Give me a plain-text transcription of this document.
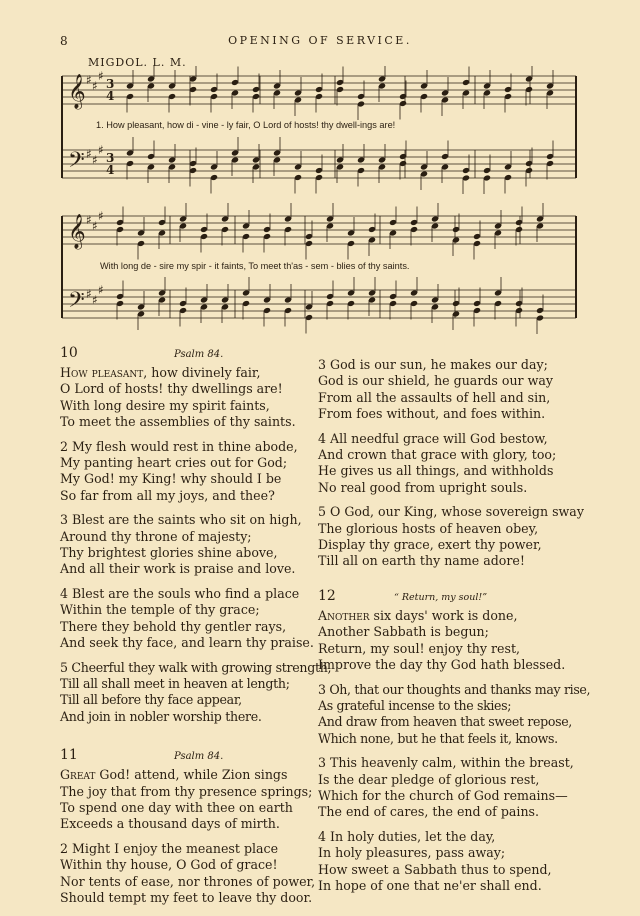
8	OPENING OF SERVICE.
MIGDOL. L. M.
𝄞
𝄢
𝄞
𝄢
♯ ♯
♯
♯ ♯
♯
♯ ♯
♯
♯ ♯
♯
3
4
3
4
1. How pleasant, how di - vine - ly fair, O Lord of hosts! thy dwell-ings are!
With long de - sire my spir - it faints, To meet th'as - sem - blies of thy saints.
10	Psalm 84.
How pleasant, how divinely fair,
O Lord of hosts! thy dwellings are!
With long desire my spirit faints,
To meet the assemblies of thy saints.
2 My flesh would rest in thine abode,
My panting heart cries out for God;
My God! my King! why should I be
So far from all my joys, and thee?
3 Blest are the saints who sit on high,
Around thy throne of majesty;
Thy brightest glories shine above,
And all their work is praise and love.
4 Blest are the souls who find a place
Within the temple of thy grace;
There they behold thy gentler rays,
And seek thy face, and learn thy praise.
5 Cheerful they walk with growing strength,
Till all shall meet in heaven at length;
Till all before thy face appear,
And join in nobler worship there.
11	Psalm 84.
Great God! attend, while Zion sings
The joy that from thy presence springs;
To spend one day with thee on earth
Exceeds a thousand days of mirth.
2 Might I enjoy the meanest place
Within thy house, O God of grace!
Nor tents of ease, nor thrones of power,
Should tempt my feet to leave thy door.
3 God is our sun, he makes our day;
God is our shield, he guards our way
From all the assaults of hell and sin,
From foes without, and foes within.
4 All needful grace will God bestow,
And crown that grace with glory, too;
He gives us all things, and withholds
No real good from upright souls.
5 O God, our King, whose sovereign sway
The glorious hosts of heaven obey,
Display thy grace, exert thy power,
Till all on earth thy name adore!
12	“ Return, my soul!”
Another six days' work is done,
Another Sabbath is begun;
Return, my soul! enjoy thy rest,
Improve the day thy God hath blessed.
3 Oh, that our thoughts and thanks may rise,
As grateful incense to the skies;
And draw from heaven that sweet repose,
Which none, but he that feels it, knows.
3 This heavenly calm, within the breast,
Is the dear pledge of glorious rest,
Which for the church of God remains—
The end of cares, the end of pains.
4 In holy duties, let the day,
In holy pleasures, pass away;
How sweet a Sabbath thus to spend,
In hope of one that ne'er shall end.
